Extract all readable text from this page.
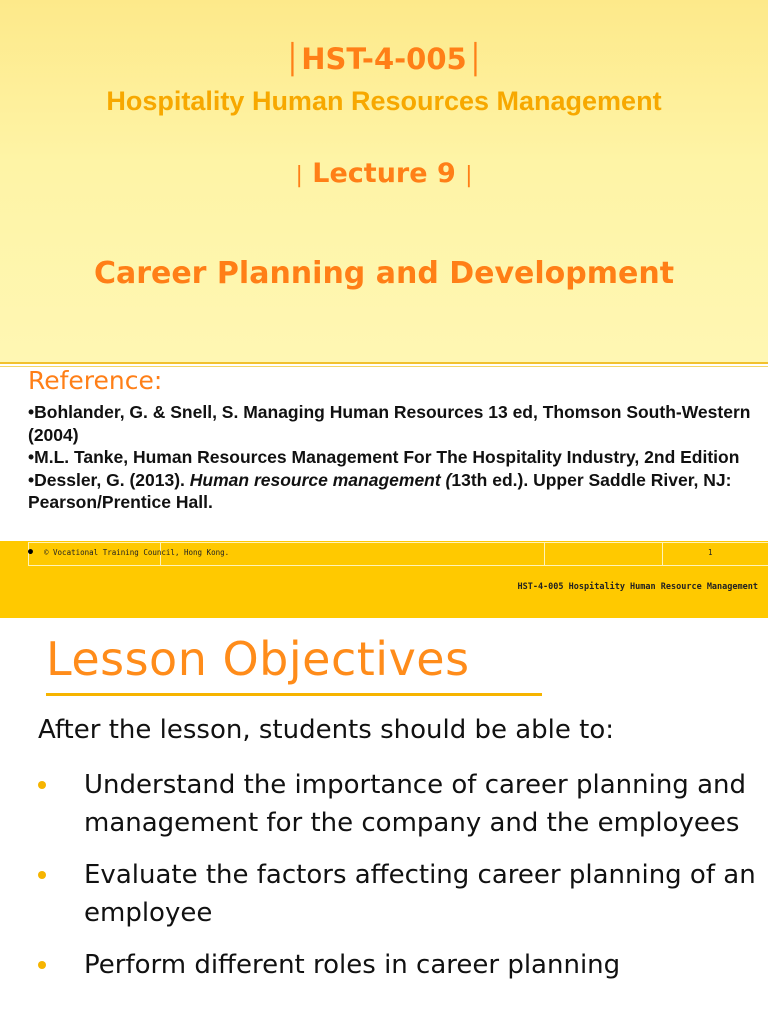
│HST-4-005│
Hospitality Human Resources Management
| Lecture 9 |
Career Planning and Development
Reference:

•Bohlander, G. & Snell, S. Managing Human Resources 13 ed, Thomson South-Western (2004)

•M.L. Tanke, Human Resources Management For The Hospitality Industry, 2nd Edition

•Dessler, G. (2013). Human resource management (13th ed.). Upper Saddle River, NJ: Pearson/Prentice Hall.

• © Vocational Training Council, Hong Kong.	1
HST-4-005 Hospitality Human Resource Management
Lesson Objectives
After the lesson, students should be able to:
Understand the importance of career planning and management for the company and the employees
Evaluate the factors affecting career planning of an employee
Perform different roles in career planning
